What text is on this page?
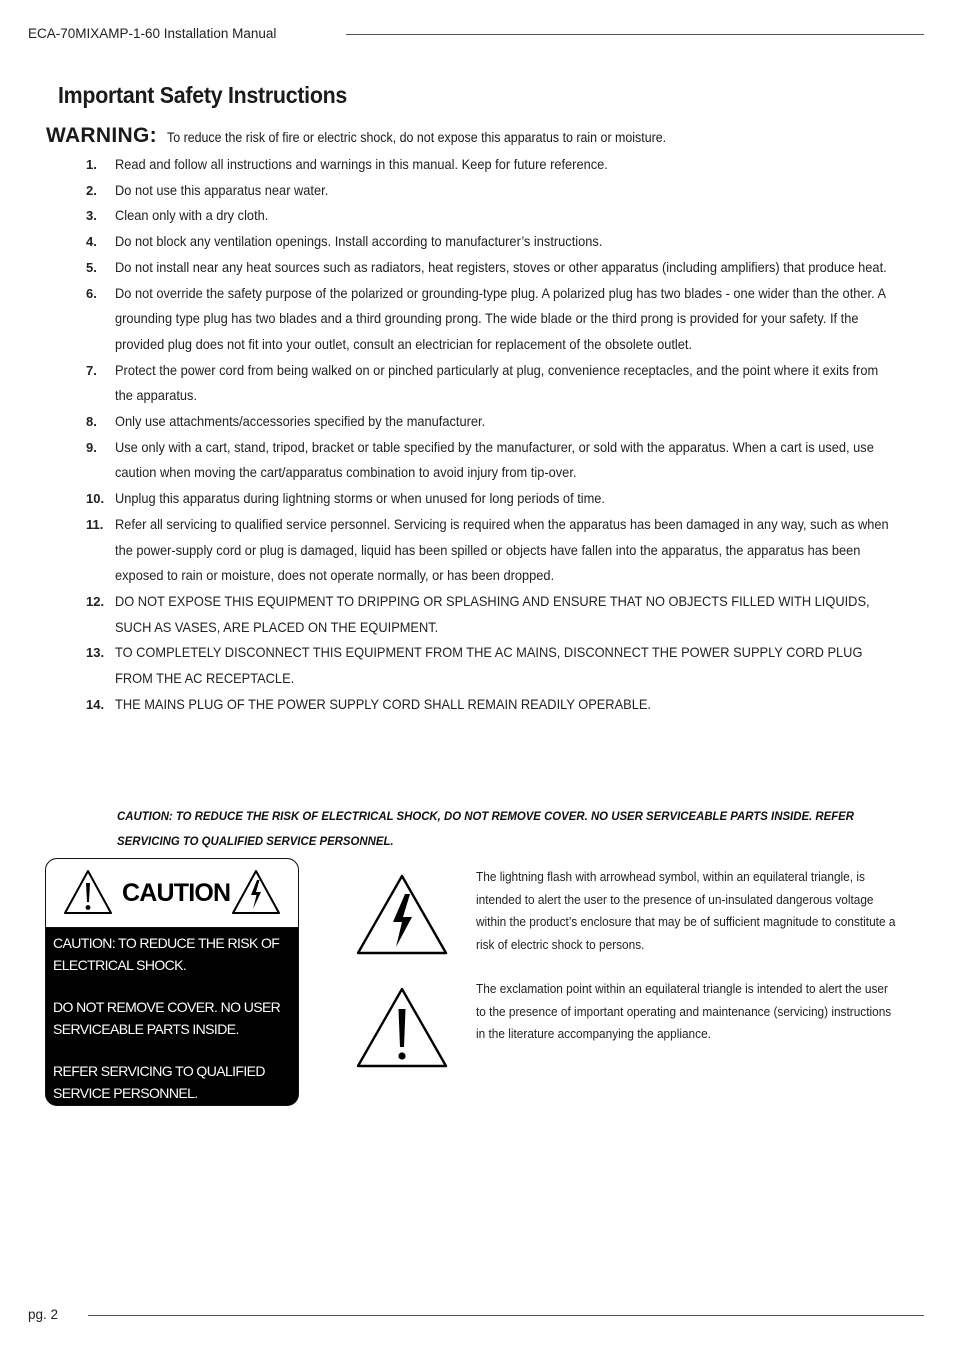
ECA-70MIXAMP-1-60 Installation Manual
Important Safety Instructions
WARNING: To reduce the risk of fire or electric shock, do not expose this apparatus to rain or moisture.
1. Read and follow all instructions and warnings in this manual. Keep for future reference.
2. Do not use this apparatus near water.
3. Clean only with a dry cloth.
4. Do not block any ventilation openings. Install according to manufacturer’s instructions.
5. Do not install near any heat sources such as radiators, heat registers, stoves or other apparatus (including amplifiers) that produce heat.
6. Do not override the safety purpose of the polarized or grounding-type plug. A polarized plug has two blades - one wider than the other. A grounding type plug has two blades and a third grounding prong. The wide blade or the third prong is provided for your safety. If the provided plug does not fit into your outlet, consult an electrician for replacement of the obsolete outlet.
7. Protect the power cord from being walked on or pinched particularly at plug, convenience receptacles, and the point where it exits from the apparatus.
8. Only use attachments/accessories specified by the manufacturer.
9. Use only with a cart, stand, tripod, bracket or table specified by the manufacturer, or sold with the apparatus. When a cart is used, use caution when moving the cart/apparatus combination to avoid injury from tip-over.
10. Unplug this apparatus during lightning storms or when unused for long periods of time.
11. Refer all servicing to qualified service personnel. Servicing is required when the apparatus has been damaged in any way, such as when the power-supply cord or plug is damaged, liquid has been spilled or objects have fallen into the apparatus, the apparatus has been exposed to rain or moisture, does not operate normally, or has been dropped.
12. DO NOT EXPOSE THIS EQUIPMENT TO DRIPPING OR SPLASHING AND ENSURE THAT NO OBJECTS FILLED WITH LIQUIDS, SUCH AS VASES, ARE PLACED ON THE EQUIPMENT.
13. TO COMPLETELY DISCONNECT THIS EQUIPMENT FROM THE AC MAINS, DISCONNECT THE POWER SUPPLY CORD PLUG FROM THE AC RECEPTACLE.
14. THE MAINS PLUG OF THE POWER SUPPLY CORD SHALL REMAIN READILY OPERABLE.
CAUTION: TO REDUCE THE RISK OF ELECTRICAL SHOCK, DO NOT REMOVE COVER. NO USER SERVICEABLE PARTS INSIDE. REFER SERVICING TO QUALIFIED SERVICE PERSONNEL.
CAUTION

CAUTION: TO REDUCE THE RISK OF ELECTRICAL SHOCK.

DO NOT REMOVE COVER. NO USER SERVICEABLE PARTS INSIDE.

REFER SERVICING TO QUALIFIED SERVICE PERSONNEL.

The lightning flash with arrowhead symbol, within an equilateral triangle, is intended to alert the user to the presence of un-insulated dangerous voltage within the product’s enclosure that may be of sufficient magnitude to constitute a risk of electric shock to persons.
The exclamation point within an equilateral triangle is intended to alert the user to the presence of important operating and maintenance (servicing) instructions in the literature accompanying the appliance.
pg. 2
